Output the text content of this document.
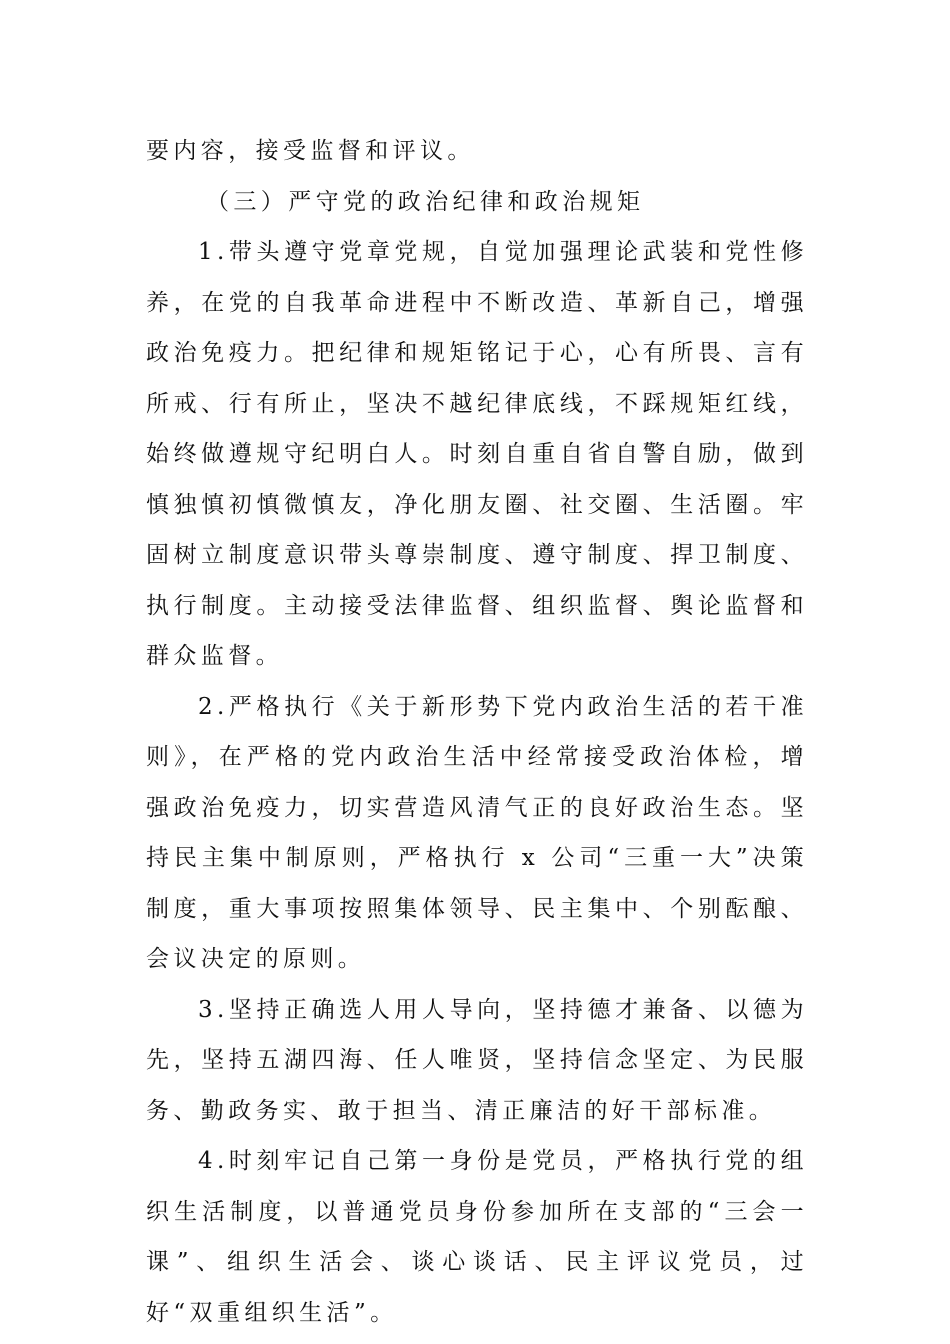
要内容，接受监督和评议。

（三）严守党的政治纪律和政治规矩

1.带头遵守党章党规，自觉加强理论武装和党性修养，在党的自我革命进程中不断改造、革新自己，增强政治免疫力。把纪律和规矩铭记于心，心有所畏、言有所戒、行有所止，坚决不越纪律底线，不踩规矩红线，始终做遵规守纪明白人。时刻自重自省自警自励，做到慎独慎初慎微慎友，净化朋友圈、社交圈、生活圈。牢固树立制度意识带头尊崇制度、遵守制度、捍卫制度、执行制度。主动接受法律监督、组织监督、舆论监督和群众监督。

2.严格执行《关于新形势下党内政治生活的若干准则》，在严格的党内政治生活中经常接受政治体检，增强政治免疫力，切实营造风清气正的良好政治生态。坚持民主集中制原则，严格执行 x 公司“三重一大”决策制度，重大事项按照集体领导、民主集中、个别酝酿、会议决定的原则。

3.坚持正确选人用人导向，坚持德才兼备、以德为先，坚持五湖四海、任人唯贤，坚持信念坚定、为民服务、勤政务实、敢于担当、清正廉洁的好干部标准。

4.时刻牢记自己第一身份是党员，严格执行党的组织生活制度，以普通党员身份参加所在支部的“三会一课”、组织生活会、谈心谈话、民主评议党员，过好“双重组织生活”。
